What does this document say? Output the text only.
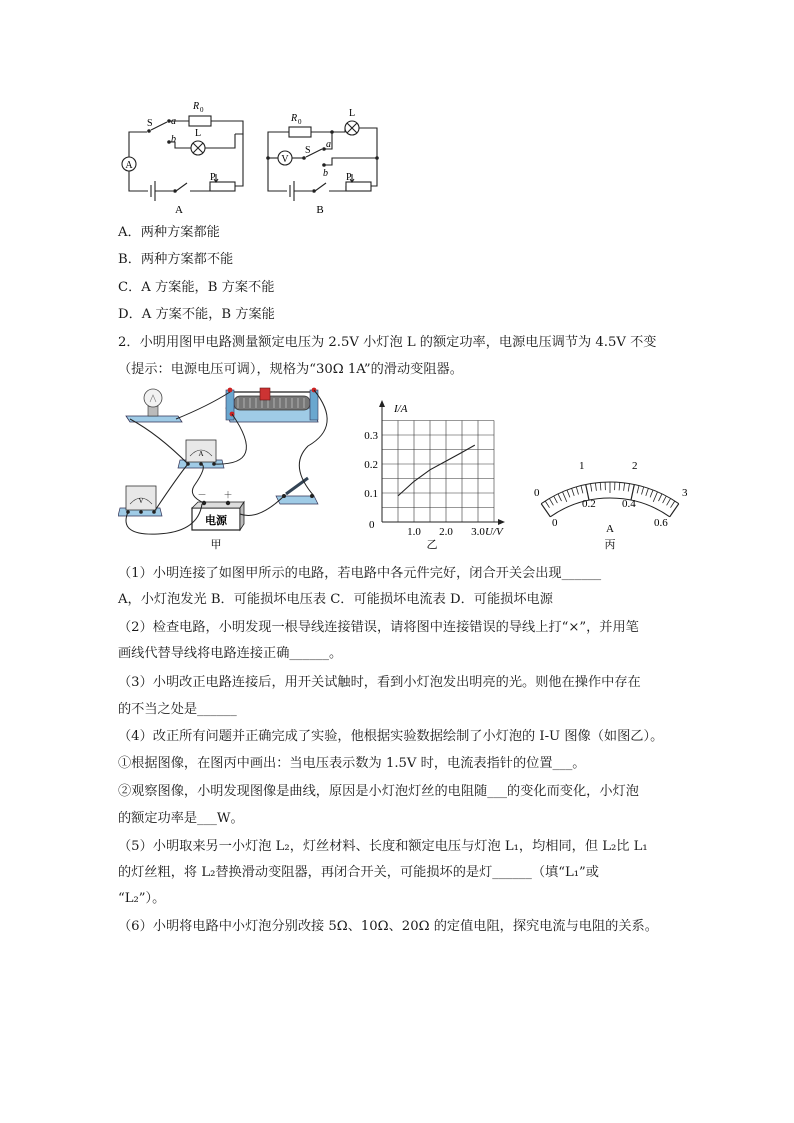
A
R 0
S a
b
L
P
A
V
R 0
S
a
b
L
P
B
A．两种方案都能
B．两种方案都不能
C．A 方案能，B 方案不能
D．A 方案不能，B 方案能
2．小明用图甲电路测量额定电压为 2.5V 小灯泡 L 的额定功率，电源电压调节为 4.5V 不变
（提示：电源电压可调），规格为“30Ω 1A”的滑动变阻器。
A
V
电源
－ ＋
甲
1.0 2.0 3.0
0.1
0.2
0.3
I/A
U/V
0
乙
0
1	2
3
0
0.2 0.4
0.6
A
丙
（1）小明连接了如图甲所示的电路，若电路中各元件完好，闭合开关会出现______
A，小灯泡发光 B．可能损坏电压表 C．可能损坏电流表 D．可能损坏电源
（2）检查电路，小明发现一根导线连接错误，请将图中连接错误的导线上打“×”，并用笔
画线代替导线将电路连接正确______。
（3）小明改正电路连接后，用开关试触时，看到小灯泡发出明亮的光。则他在操作中存在
的不当之处是______
（4）改正所有问题并正确完成了实验，他根据实验数据绘制了小灯泡的 I-U 图像（如图乙）。
①根据图像，在图丙中画出：当电压表示数为 1.5V 时，电流表指针的位置___。
②观察图像，小明发现图像是曲线，原因是小灯泡灯丝的电阻随___的变化而变化，小灯泡
的额定功率是___W。
（5）小明取来另一小灯泡 L₂，灯丝材料、长度和额定电压与灯泡 L₁，均相同，但 L₂比 L₁
的灯丝粗，将 L₂替换滑动变阻器，再闭合开关，可能损坏的是灯______（填“L₁”或
“L₂”）。
（6）小明将电路中小灯泡分别改接 5Ω、10Ω、20Ω 的定值电阻，探究电流与电阻的关系。
